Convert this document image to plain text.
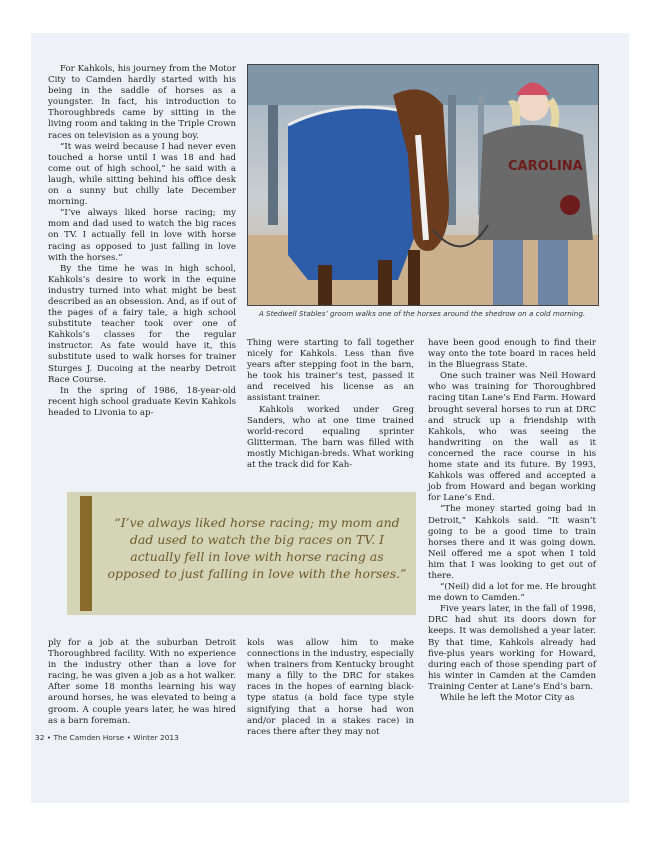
For Kahkols, his journey from the Motor City to Camden hardly started with his being in the saddle of horses as a youngster. In fact, his introduction to Thoroughbreds came by sitting in the living room and taking in the Triple Crown races on television as a young boy.

“It was weird because I had never even touched a horse until I was 18 and had come out of high school,” he said with a laugh, while sitting behind his office desk on a sunny but chilly late December morning.

“I’ve always liked horse racing; my mom and dad used to watch the big races on TV. I actually fell in love with horse racing as opposed to just falling in love with the horses.”

By the time he was in high school, Kahkols’s desire to work in the equine industry turned into what might be best described as an obsession. And, as if out of the pages of a fairy tale, a high school substitute teacher took over one of Kahkols’s classes for the regular instructor. As fate would have it, this substitute used to walk horses for trainer Sturges J. Ducoing at the nearby Detroit Race Course.

In the spring of 1986, 18-year-old recent high school graduate Kevin Kahkols headed to Livonia to ap-

CAROLINA
A Stedwell Stables’ groom walks one of the horses around the shedrow on a cold morning.

Thing were starting to fall together nicely for Kahkols. Less than five years after stepping foot in the barn, he took his trainer’s test, passed it and received his license as an assistant trainer.

Kahkols worked under Greg Sanders, who at one time trained world-record equaling sprinter Glitterman. The barn was filled with mostly Michigan-breds. What working at the track did for Kah-

have been good enough to find their way onto the tote board in races held in the Bluegrass State.

One such trainer was Neil Howard who was training for Thoroughbred racing titan Lane’s End Farm. Howard brought several horses to run at DRC and struck up a friendship with Kahkols, who was seeing the handwriting on the wall as it concerned the race course in his home state and its future. By 1993, Kahkols was offered and accepted a job from Howard and began working for Lane’s End.

“The money started going bad in Detroit,” Kahkols said. “It wasn’t going to be a good time to train horses there and it was going down. Neil offered me a spot when I told him that I was looking to get out of there.

“(Neil) did a lot for me. He brought me down to Camden.”

Five years later, in the fall of 1998, DRC had shut its doors down for keeps. It was demolished a year later. By that time, Kahkols already had five-plus years working for Howard, during each of those spending part of his winter in Camden at the Camden Training Center at Lane’s End’s barn.

While he left the Motor City as

“I’ve always liked horse racing; my mom and dad used to watch the big races on TV. I actually fell in love with horse racing as opposed to just falling in love with the horses.”

ply for a job at the suburban Detroit Thoroughbred facility. With no experience in the industry other than a love for racing, he was given a job as a hot walker. After some 18 months learning his way around horses, he was elevated to being a groom. A couple years later, he was hired as a barn foreman.

kols was allow him to make connections in the industry, especially when trainers from Kentucky brought many a filly to the DRC for stakes races in the hopes of earning black-type status (a bold face type style signifying that a horse had won and/or placed in a stakes race) in races there after they may not

32 • The Camden Horse • Winter 2013
